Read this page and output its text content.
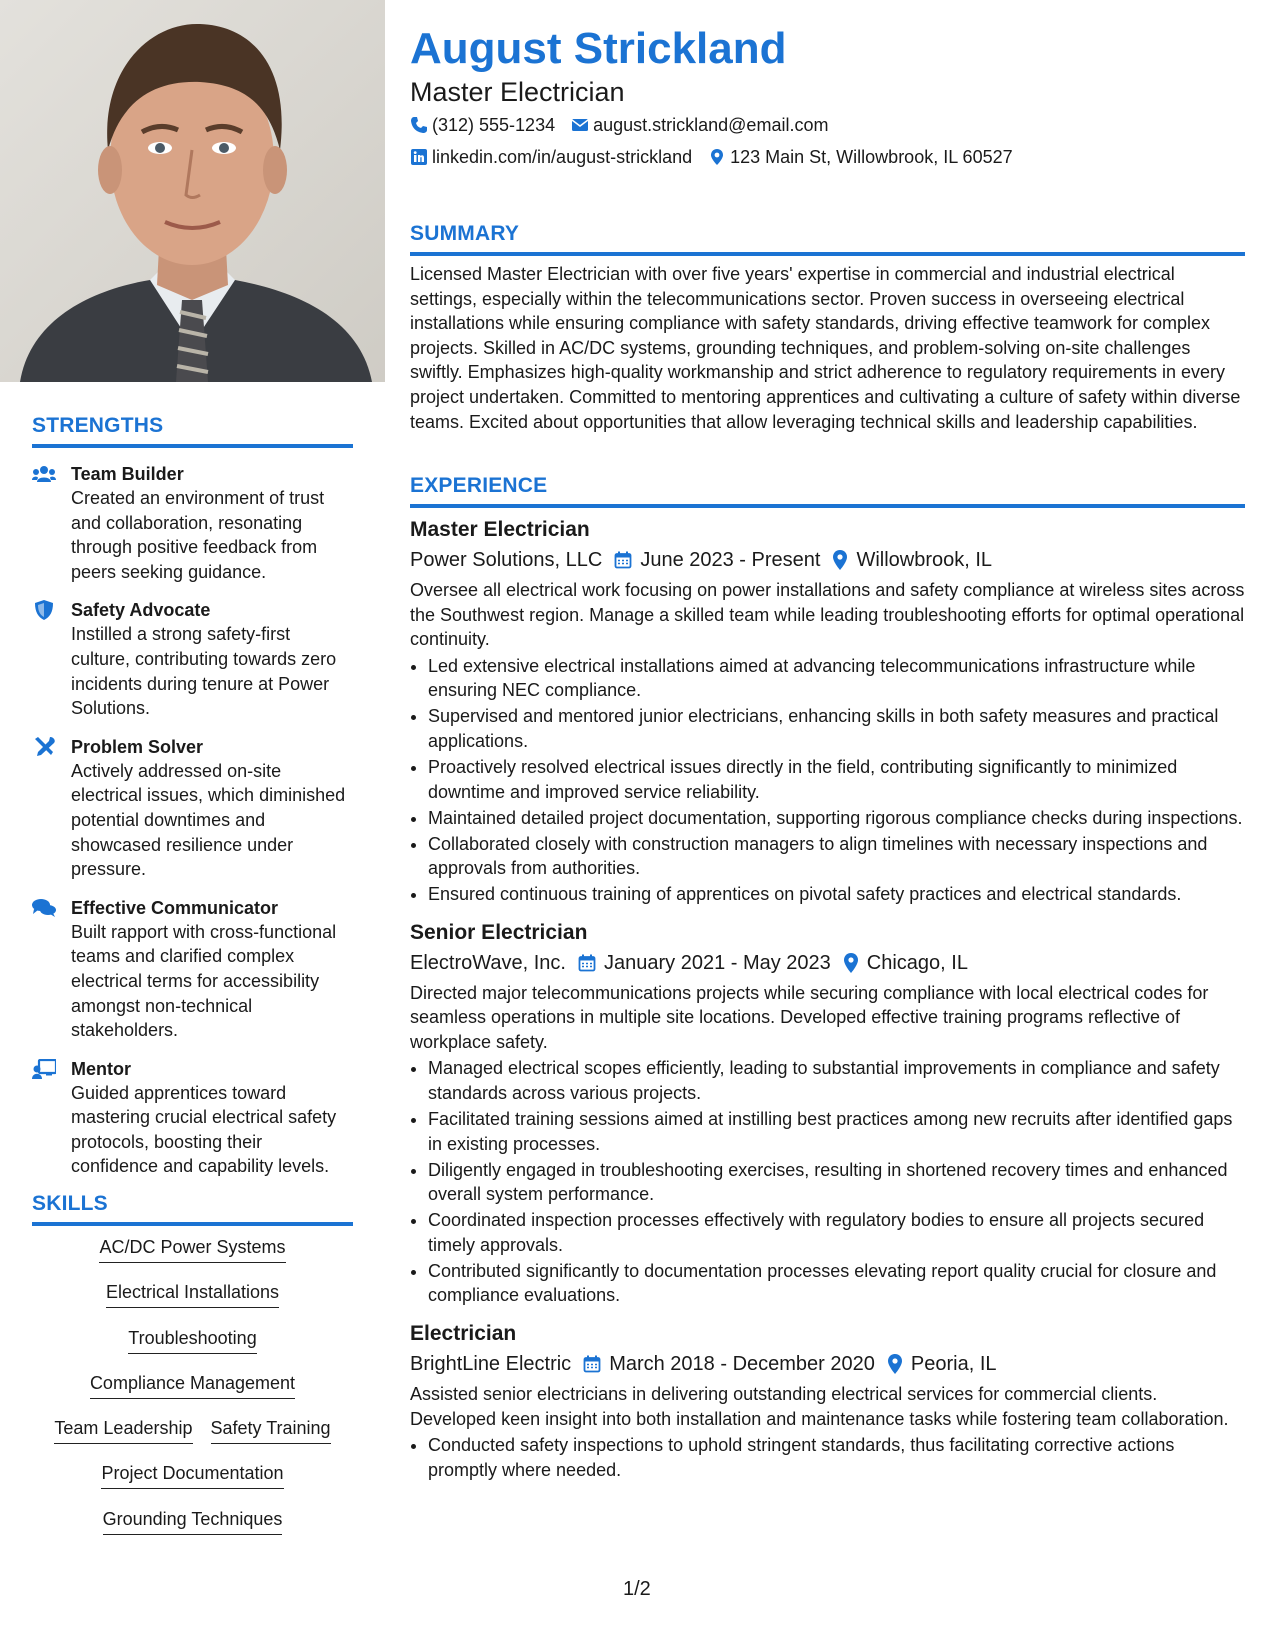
STRENGTHS
Team Builder
Created an environment of trust and collaboration, resonating through positive feedback from peers seeking guidance.
Safety Advocate
Instilled a strong safety-first culture, contributing towards zero incidents during tenure at Power Solutions.
Problem Solver
Actively addressed on-site electrical issues, which diminished potential downtimes and showcased resilience under pressure.
Effective Communicator
Built rapport with cross-functional teams and clarified complex electrical terms for accessibility amongst non-technical stakeholders.
Mentor
Guided apprentices toward mastering crucial electrical safety protocols, boosting their confidence and capability levels.
SKILLS
AC/DC Power Systems
Electrical Installations
Troubleshooting
Compliance Management
Team Leadership Safety Training
Project Documentation
Grounding Techniques
August Strickland
Master Electrician
(312) 555-1234 august.strickland@email.com
linkedin.com/in/august-strickland 123 Main St, Willowbrook, IL 60527
SUMMARY

Licensed Master Electrician with over five years' expertise in commercial and industrial electrical settings, especially within the telecommunications sector. Proven success in overseeing electrical installations while ensuring compliance with safety standards, driving effective teamwork for complex projects. Skilled in AC/DC systems, grounding techniques, and problem-solving on-site challenges swiftly. Emphasizes high-quality workmanship and strict adherence to regulatory requirements in every project undertaken. Committed to mentoring apprentices and cultivating a culture of safety within diverse teams. Excited about opportunities that allow leveraging technical skills and leadership capabilities.

EXPERIENCE
Master Electrician
Power Solutions, LLC June 2023 - Present Willowbrook, IL

Oversee all electrical work focusing on power installations and safety compliance at wireless sites across the Southwest region. Manage a skilled team while leading troubleshooting efforts for optimal operational continuity.

• Led extensive electrical installations aimed at advancing telecommunications infrastructure while ensuring NEC compliance.
• Supervised and mentored junior electricians, enhancing skills in both safety measures and practical applications.
• Proactively resolved electrical issues directly in the field, contributing significantly to minimized downtime and improved service reliability.
• Maintained detailed project documentation, supporting rigorous compliance checks during inspections.
• Collaborated closely with construction managers to align timelines with necessary inspections and approvals from authorities.
• Ensured continuous training of apprentices on pivotal safety practices and electrical standards.
Senior Electrician
ElectroWave, Inc. January 2021 - May 2023 Chicago, IL

Directed major telecommunications projects while securing compliance with local electrical codes for seamless operations in multiple site locations. Developed effective training programs reflective of workplace safety.

• Managed electrical scopes efficiently, leading to substantial improvements in compliance and safety standards across various projects.
• Facilitated training sessions aimed at instilling best practices among new recruits after identified gaps in existing processes.
• Diligently engaged in troubleshooting exercises, resulting in shortened recovery times and enhanced overall system performance.
• Coordinated inspection processes effectively with regulatory bodies to ensure all projects secured timely approvals.
• Contributed significantly to documentation processes elevating report quality crucial for closure and compliance evaluations.
Electrician
BrightLine Electric March 2018 - December 2020 Peoria, IL

Assisted senior electricians in delivering outstanding electrical services for commercial clients. Developed keen insight into both installation and maintenance tasks while fostering team collaboration.

• Conducted safety inspections to uphold stringent standards, thus facilitating corrective actions promptly where needed.
1/2
